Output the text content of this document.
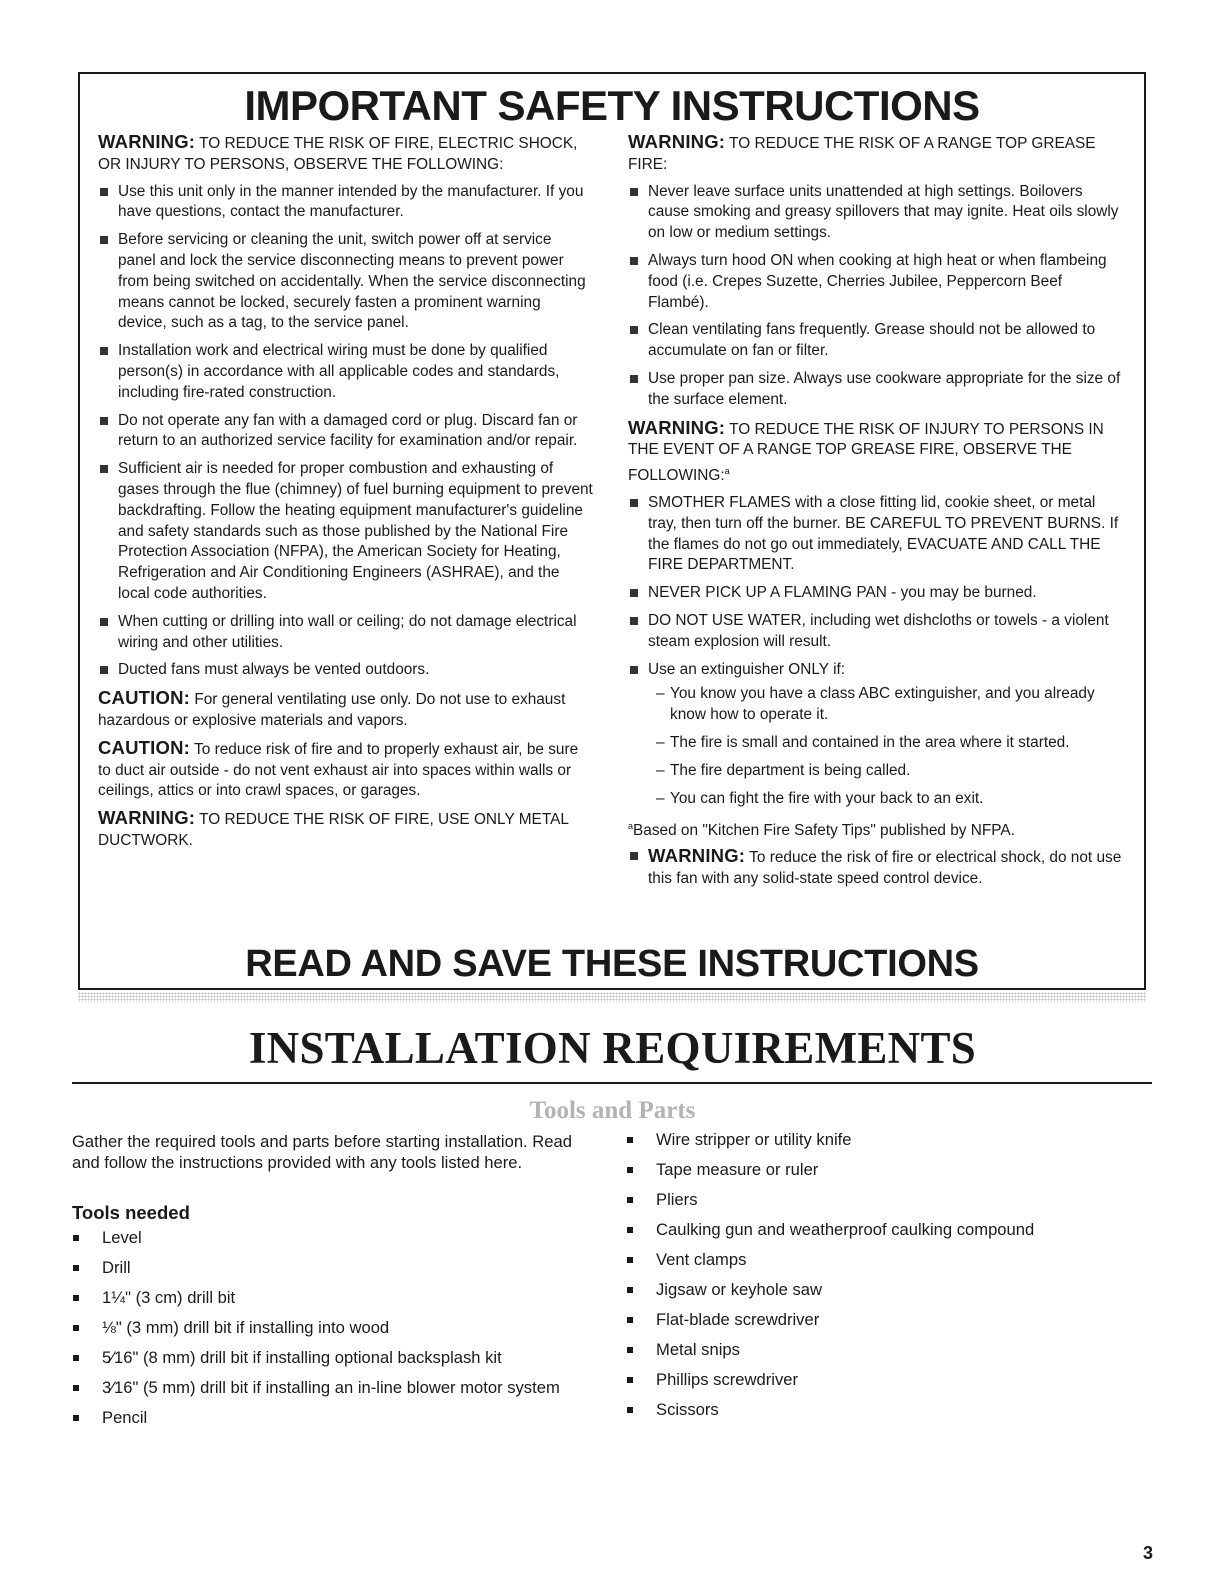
IMPORTANT SAFETY INSTRUCTIONS

WARNING: TO REDUCE THE RISK OF FIRE, ELECTRIC SHOCK, OR INJURY TO PERSONS, OBSERVE THE FOLLOWING:

Use this unit only in the manner intended by the manufacturer. If you have questions, contact the manufacturer.
Before servicing or cleaning the unit, switch power off at service panel and lock the service disconnecting means to prevent power from being switched on accidentally. When the service disconnecting means cannot be locked, securely fasten a prominent warning device, such as a tag, to the service panel.
Installation work and electrical wiring must be done by qualified person(s) in accordance with all applicable codes and standards, including fire-rated construction.
Do not operate any fan with a damaged cord or plug. Discard fan or return to an authorized service facility for examination and/or repair.
Sufficient air is needed for proper combustion and exhausting of gases through the flue (chimney) of fuel burning equipment to prevent backdrafting. Follow the heating equipment manufacturer's guideline and safety standards such as those published by the National Fire Protection Association (NFPA), the American Society for Heating, Refrigeration and Air Conditioning Engineers (ASHRAE), and the local code authorities.
When cutting or drilling into wall or ceiling; do not damage electrical wiring and other utilities.
Ducted fans must always be vented outdoors.

CAUTION: For general ventilating use only. Do not use to exhaust hazardous or explosive materials and vapors.

CAUTION: To reduce risk of fire and to properly exhaust air, be sure to duct air outside - do not vent exhaust air into spaces within walls or ceilings, attics or into crawl spaces, or garages.

WARNING: TO REDUCE THE RISK OF FIRE, USE ONLY METAL DUCTWORK.

WARNING: TO REDUCE THE RISK OF A RANGE TOP GREASE FIRE:

Never leave surface units unattended at high settings. Boilovers cause smoking and greasy spillovers that may ignite. Heat oils slowly on low or medium settings.
Always turn hood ON when cooking at high heat or when flambeing food (i.e. Crepes Suzette, Cherries Jubilee, Peppercorn Beef Flambé).
Clean ventilating fans frequently. Grease should not be allowed to accumulate on fan or filter.
Use proper pan size. Always use cookware appropriate for the size of the surface element.

WARNING: TO REDUCE THE RISK OF INJURY TO PERSONS IN THE EVENT OF A RANGE TOP GREASE FIRE, OBSERVE THE FOLLOWING:$^a$

SMOTHER FLAMES with a close fitting lid, cookie sheet, or metal tray, then turn off the burner. BE CAREFUL TO PREVENT BURNS. If the flames do not go out immediately, EVACUATE AND CALL THE FIRE DEPARTMENT.
NEVER PICK UP A FLAMING PAN - you may be burned.
DO NOT USE WATER, including wet dishcloths or towels - a violent steam explosion will result.
Use an extinguisher ONLY if:
– You know you have a class ABC extinguisher, and you already know how to operate it.
– The fire is small and contained in the area where it started.
– The fire department is being called.
– You can fight the fire with your back to an exit.

$^a$Based on "Kitchen Fire Safety Tips" published by NFPA.

WARNING: To reduce the risk of fire or electrical shock, do not use this fan with any solid-state speed control device.

READ AND SAVE THESE INSTRUCTIONS
INSTALLATION REQUIREMENTS
Tools and Parts

Gather the required tools and parts before starting installation. Read and follow the instructions provided with any tools listed here.

Tools needed
Level
Drill
1¼" (3 cm) drill bit
⅛" (3 mm) drill bit if installing into wood
5⁄16" (8 mm) drill bit if installing optional backsplash kit
3⁄16" (5 mm) drill bit if installing an in-line blower motor system
Pencil
Wire stripper or utility knife
Tape measure or ruler
Pliers
Caulking gun and weatherproof caulking compound
Vent clamps
Jigsaw or keyhole saw
Flat-blade screwdriver
Metal snips
Phillips screwdriver
Scissors

3
